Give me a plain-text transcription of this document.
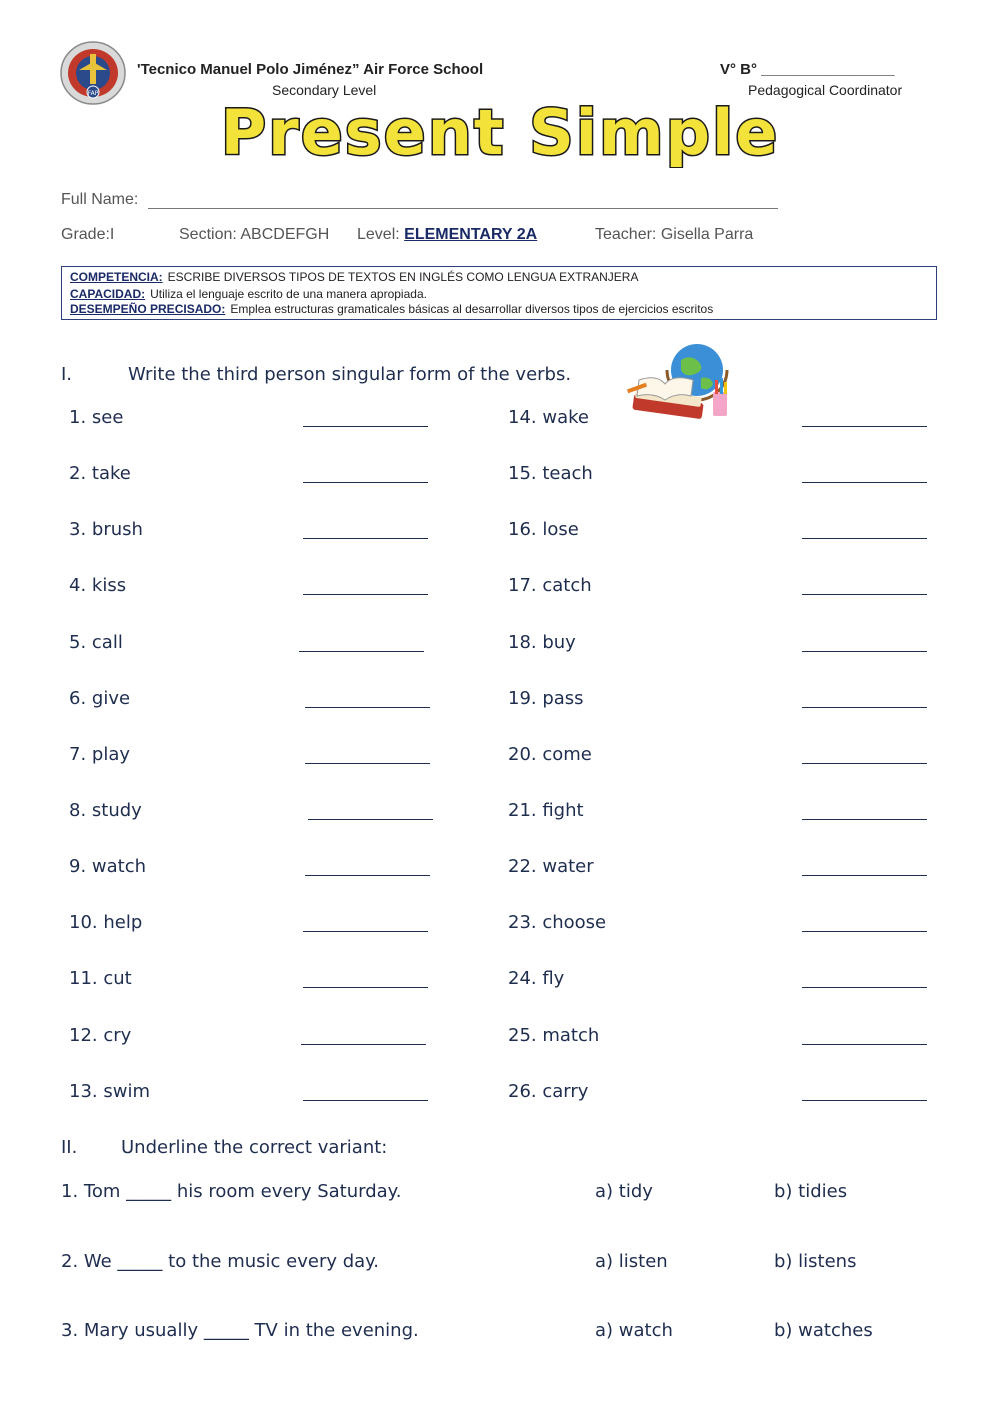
FAP
'Tecnico Manuel Polo Jiménez” Air Force School
Secondary Level
V° B° ________________
Pedagogical Coordinator
Present Simple
Full Name:
Grade:I	Section: ABCDEFGH Level: ELEMENTARY 2A	Teacher: Gisella Parra
COMPETENCIA: ESCRIBE DIVERSOS TIPOS DE TEXTOS EN INGLÉS COMO LENGUA EXTRANJERA
CAPACIDAD: Utiliza el lenguaje escrito de una manera apropiada.
DESEMPEÑO PRECISADO: Emplea estructuras gramaticales básicas al desarrollar diversos tipos de ejercicios escritos
I.	Write the third person singular form of the verbs.
1. see
2. take
3. brush
4. kiss
5. call
6. give
7. play
8. study
9. watch
10. help
11. cut
12. cry
13. swim
14. wake
15. teach
16. lose
17. catch
18. buy
19. pass
20. come
21. fight
22. water
23. choose
24. fly
25. match
26. carry
II. Underline the correct variant:
1. Tom _____ his room every Saturday.	a) tidy	b) tidies
2. We _____ to the music every day.	a) listen	b) listens
3. Mary usually _____ TV in the evening.	a) watch	b) watches
